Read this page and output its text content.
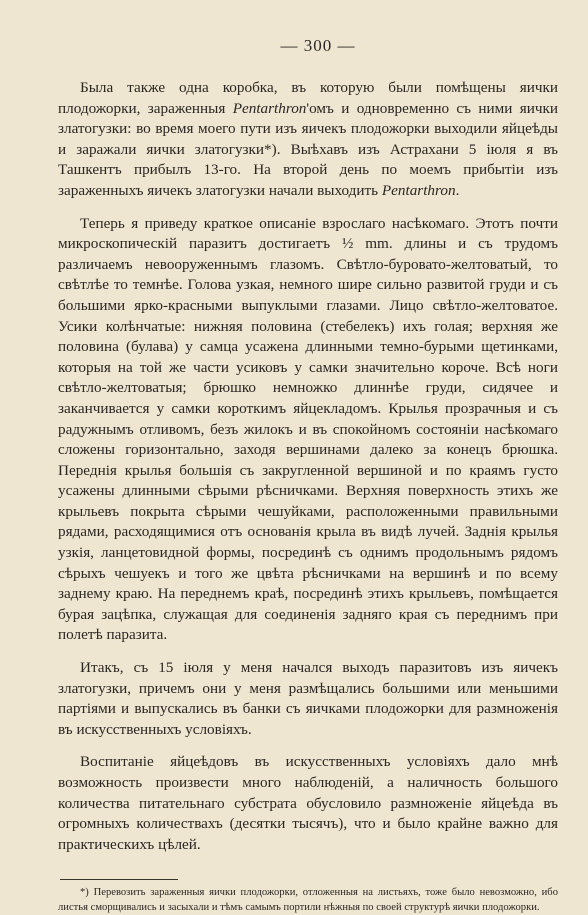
— 300 —

Была также одна коробка, въ которую были помѣщены яички плодожорки, зараженныя Pentarthron'омъ и одновременно съ ними яички златогузки: во время моего пути изъ яичекъ плодожорки выходили яйцеѣды и заражали яички златогузки*). Выѣхавъ изъ Астрахани 5 іюля я въ Ташкентъ прибылъ 13-го. На второй день по моемъ прибытіи изъ зараженныхъ яичекъ златогузки начали выходить Pentarthron.

Теперь я приведу краткое описаніе взрослаго насѣкомаго. Этотъ почти микроскопическій паразитъ достигаетъ ½ mm. длины и съ трудомъ различаемъ невооруженнымъ глазомъ. Свѣтло-буровато-желтоватый, то свѣтлѣе то темнѣе. Голова узкая, немного шире сильно развитой груди и съ большими ярко-красными выпуклыми глазами. Лицо свѣтло-желтоватое. Усики колѣнчатые: нижняя половина (стебелекъ) ихъ голая; верхняя же половина (булава) у самца усажена длинными темно-бурыми щетинками, которыя на той же части усиковъ у самки значительно короче. Всѣ ноги свѣтло-желтоватыя; брюшко немножко длиннѣе груди, сидячее и заканчивается у самки короткимъ яйцекладомъ. Крылья прозрачныя и съ радужнымъ отливомъ, безъ жилокъ и въ спокойномъ состояніи насѣкомаго сложены горизонтально, заходя вершинами далеко за конецъ брюшка. Переднія крылья большія съ закругленной вершиной и по краямъ густо усажены длинными сѣрыми рѣсничками. Верхняя поверхность этихъ же крыльевъ покрыта сѣрыми чешуйками, расположенными правильными рядами, расходящимися отъ основанія крыла въ видѣ лучей. Заднія крылья узкія, ланцетовидной формы, посрединѣ съ однимъ продольнымъ рядомъ сѣрыхъ чешуекъ и того же цвѣта рѣсничками на вершинѣ и по всему заднему краю. На переднемъ краѣ, посрединѣ этихъ крыльевъ, помѣщается бурая зацѣпка, служащая для соединенія задняго края съ переднимъ при полетѣ паразита.

Итакъ, съ 15 іюля у меня начался выходъ паразитовъ изъ яичекъ златогузки, причемъ они у меня размѣщались большими или меньшими партіями и выпускались въ банки съ яичками плодожорки для размноженія въ искусственныхъ условіяхъ.

Воспитаніе яйцеѣдовъ въ искусственныхъ условіяхъ дало мнѣ возможность произвести много наблюденій, а наличность большого количества питательнаго субстрата обусловило размноженіе яйцеѣда въ огромныхъ количествахъ (десятки тысячъ), что и было крайне важно для практическихъ цѣлей.

*) Перевозить зараженныя яички плодожорки, отложенныя на листьяхъ, тоже было невозможно, ибо листья сморщивались и засыхали и тѣмъ самымъ портили нѣжныя по своей структурѣ яички плодожорки.
